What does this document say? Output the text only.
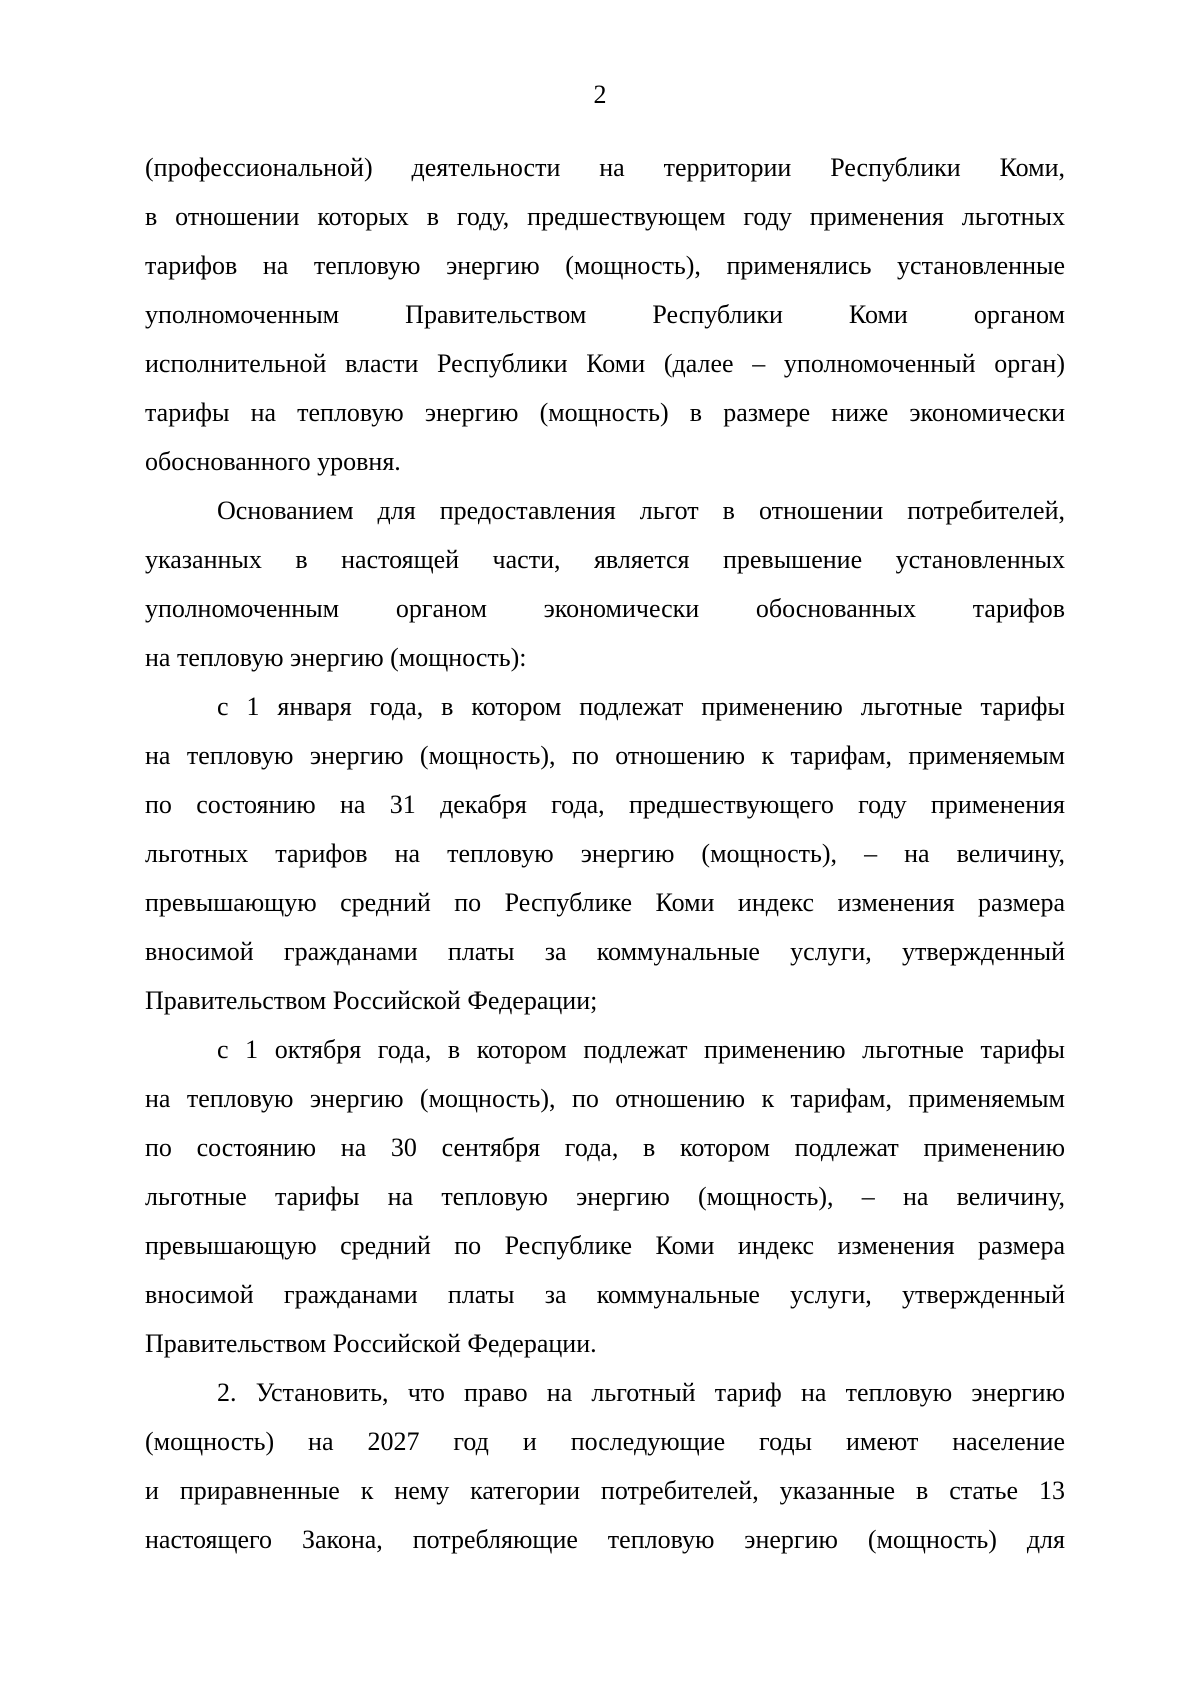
2
(профессиональной) деятельности на территории Республики Коми,
в отношении которых в году, предшествующем году применения льготных
тарифов на тепловую энергию (мощность), применялись установленные
уполномоченным Правительством Республики Коми органом
исполнительной власти Республики Коми (далее – уполномоченный орган)
тарифы на тепловую энергию (мощность) в размере ниже экономически
обоснованного уровня.
Основанием для предоставления льгот в отношении потребителей,
указанных в настоящей части, является превышение установленных
уполномоченным органом экономически обоснованных тарифов
на тепловую энергию (мощность):
с 1 января года, в котором подлежат применению льготные тарифы
на тепловую энергию (мощность), по отношению к тарифам, применяемым
по состоянию на 31 декабря года, предшествующего году применения
льготных тарифов на тепловую энергию (мощность), – на величину,
превышающую средний по Республике Коми индекс изменения размера
вносимой гражданами платы за коммунальные услуги, утвержденный
Правительством Российской Федерации;
с 1 октября года, в котором подлежат применению льготные тарифы
на тепловую энергию (мощность), по отношению к тарифам, применяемым
по состоянию на 30 сентября года, в котором подлежат применению
льготные тарифы на тепловую энергию (мощность), – на величину,
превышающую средний по Республике Коми индекс изменения размера
вносимой гражданами платы за коммунальные услуги, утвержденный
Правительством Российской Федерации.
2. Установить, что право на льготный тариф на тепловую энергию
(мощность) на 2027 год и последующие годы имеют население
и приравненные к нему категории потребителей, указанные в статье 13
настоящего Закона, потребляющие тепловую энергию (мощность) для
